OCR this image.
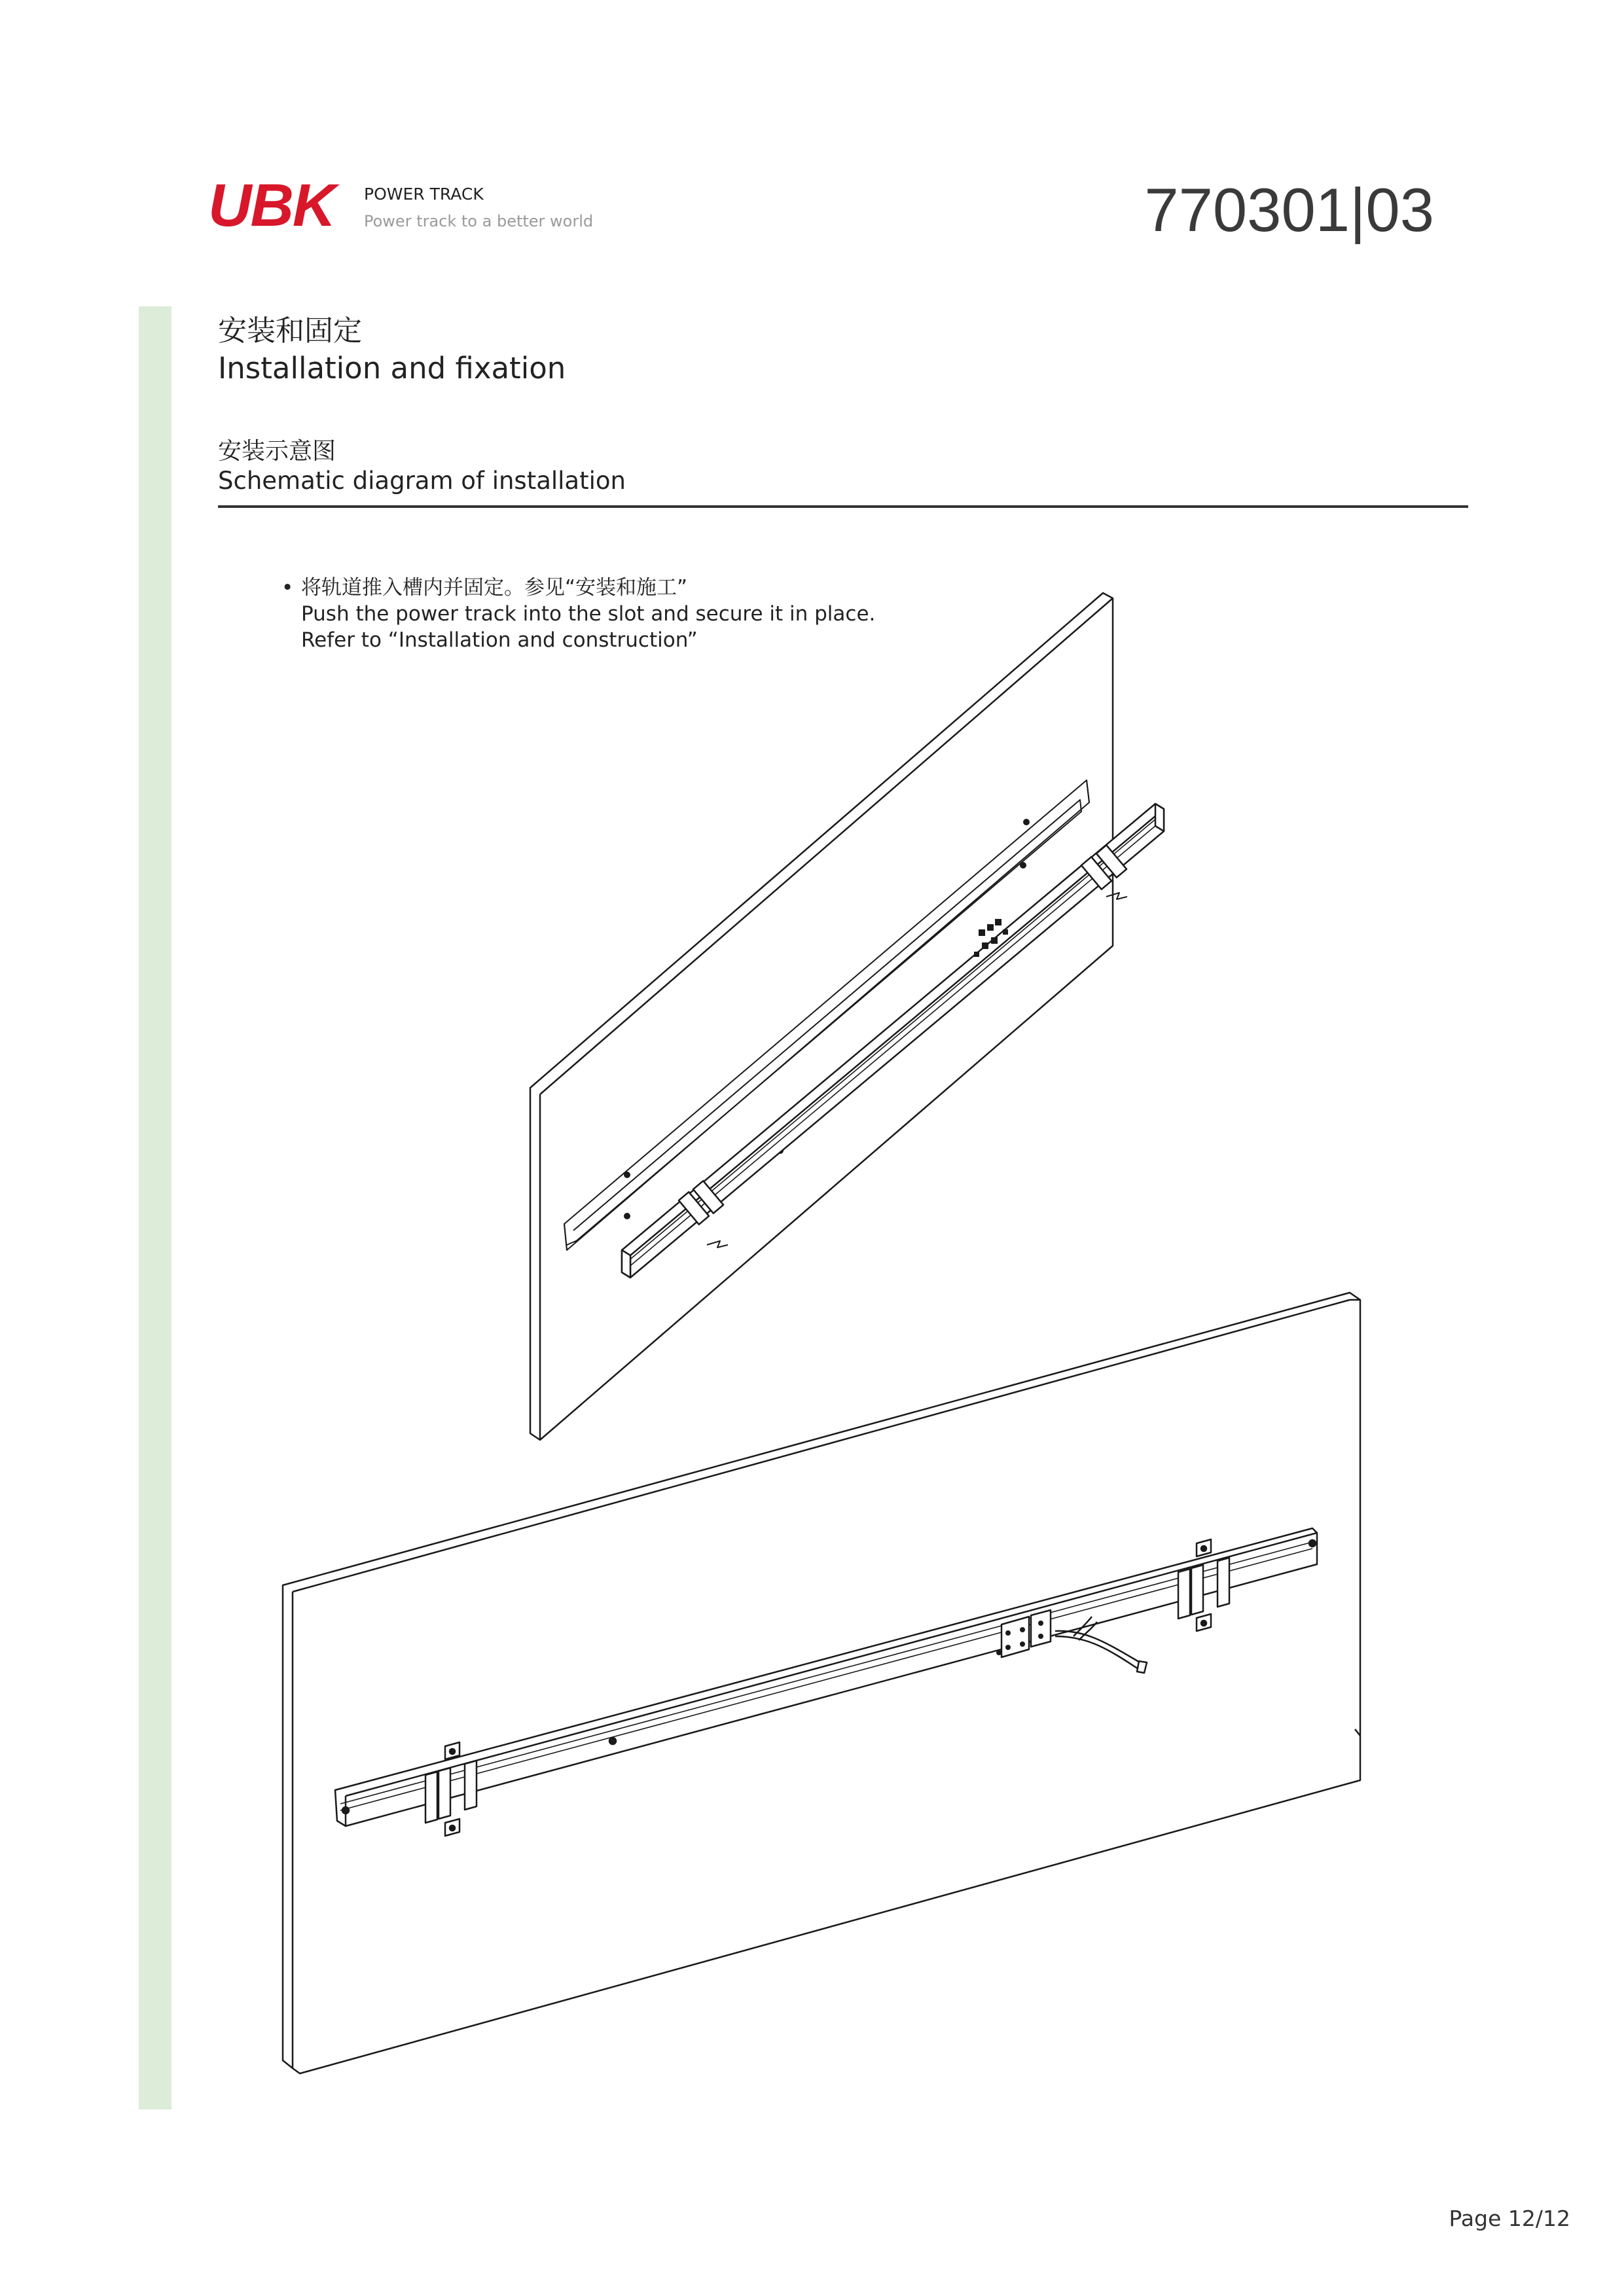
UBK POWER TRACK
Power track to a better world	770301|03
安装和固定
Installation and fixation
安装示意图
Schematic diagram of installation
• 将轨道推入槽内并固定。参见“安装和施工”
Push the power track into the slot and secure it in place.
Refer to “Installation and construction”
Page 12/12
